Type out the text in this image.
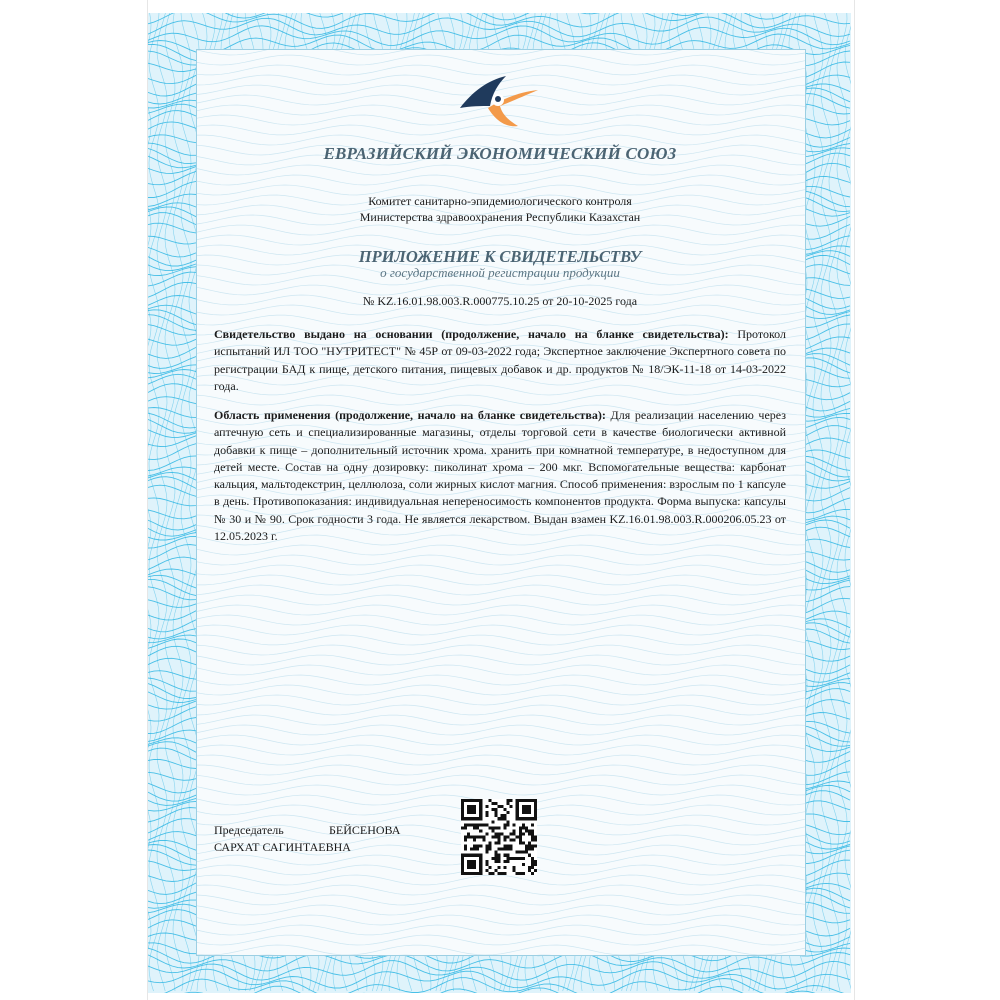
ЕВРАЗИЙСКИЙ ЭКОНОМИЧЕСКИЙ СОЮЗ
Комитет санитарно-эпидемиологического контроля
Министерства здравоохранения Республики Казахстан
ПРИЛОЖЕНИЕ К СВИДЕТЕЛЬСТВУ
о государственной регистрации продукции
№ KZ.16.01.98.003.R.000775.10.25 от 20-10-2025 года
Свидетельство выдано на основании (продолжение, начало на бланке свидетельства): Протокол испытаний ИЛ ТОО "НУТРИТЕСТ" № 45Р от 09-03-2022 года; Экспертное заключение Экспертного совета по регистрации БАД к пище, детского питания, пищевых добавок и др. продуктов № 18/ЭК-11-18 от 14-03-2022 года.
Область применения (продолжение, начало на бланке свидетельства): Для реализации населению через аптечную сеть и специализированные магазины, отделы торговой сети в качестве биологически активной добавки к пище – дополнительный источник хрома. хранить при комнатной температуре, в недоступном для детей месте. Состав на одну дозировку: пиколинат хрома – 200 мкг. Вспомогательные вещества: карбонат кальция, мальтодекстрин, целлюлоза, соли жирных кислот магния. Способ применения: взрослым по 1 капсуле в день. Противопоказания: индивидуальная непереносимость компонентов продукта. Форма выпуска: капсулы № 30 и № 90. Срок годности 3 года. Не является лекарством. Выдан взамен KZ.16.01.98.003.R.000206.05.23 от 12.05.2023 г.
Председатель	БЕЙСЕНОВА
САРХАТ САГИНТАЕВНА
